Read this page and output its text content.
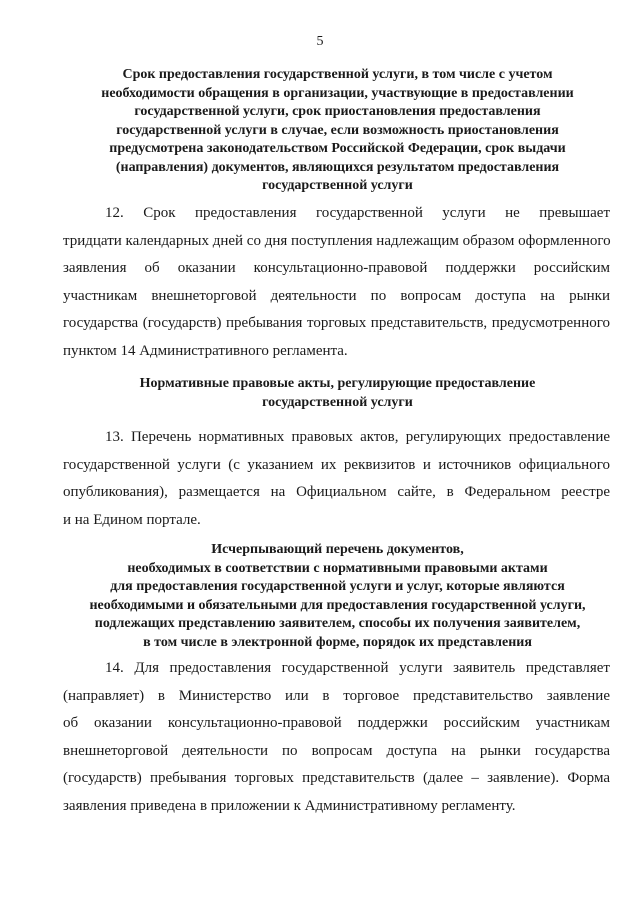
5
Срок предоставления государственной услуги, в том числе с учетом
необходимости обращения в организации, участвующие в предоставлении
государственной услуги, срок приостановления предоставления
государственной услуги в случае, если возможность приостановления
предусмотрена законодательством Российской Федерации, срок выдачи
(направления) документов, являющихся результатом предоставления
государственной услуги
12. Срок предоставления государственной услуги не превышает
тридцати календарных дней со дня поступления надлежащим образом оформленного
заявления об оказании консультационно-правовой поддержки российским
участникам внешнеторговой деятельности по вопросам доступа на рынки
государства (государств) пребывания торговых представительств, предусмотренного
пунктом 14 Административного регламента.
Нормативные правовые акты, регулирующие предоставление
государственной услуги
13. Перечень нормативных правовых актов, регулирующих предоставление
государственной услуги (с указанием их реквизитов и источников официального
опубликования), размещается на Официальном сайте, в Федеральном реестре
и на Едином портале.
Исчерпывающий перечень документов,
необходимых в соответствии с нормативными правовыми актами
для предоставления государственной услуги и услуг, которые являются
необходимыми и обязательными для предоставления государственной услуги,
подлежащих представлению заявителем, способы их получения заявителем,
в том числе в электронной форме, порядок их представления
14. Для предоставления государственной услуги заявитель представляет
(направляет) в Министерство или в торговое представительство заявление
об оказании консультационно-правовой поддержки российским участникам
внешнеторговой деятельности по вопросам доступа на рынки государства
(государств) пребывания торговых представительств (далее – заявление). Форма
заявления приведена в приложении к Административному регламенту.
